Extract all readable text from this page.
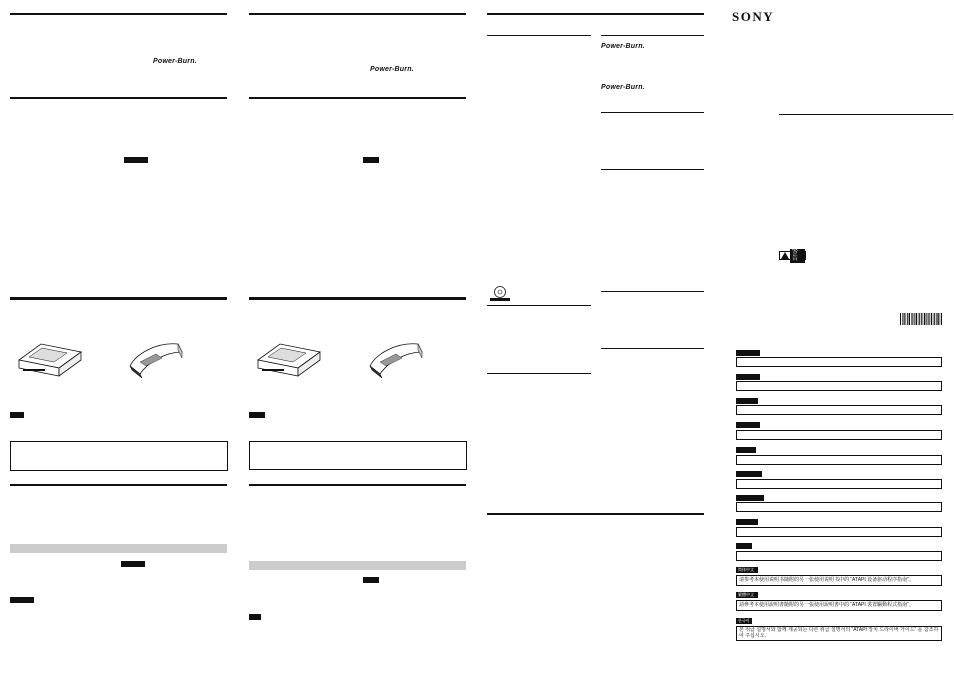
Power-Burn.
Power-Burn.
Power-Burn.
Power-Burn.
SONY
警告
简体中文
请参考本使用说明书随附的另一张使用说明书中的 “ATAPI 设备驱动程序指南”。
繁體中文
請參考本使用說明書隨附的另一張使用說明書中的 “ATAPI 裝置驅動程式指南”。
한국어
본 취급 설명서와 함께 제공되는 다른 취급 설명서의 “ATAPI 장치 드라이버 가이드” 를 참조하여 주십시오.
